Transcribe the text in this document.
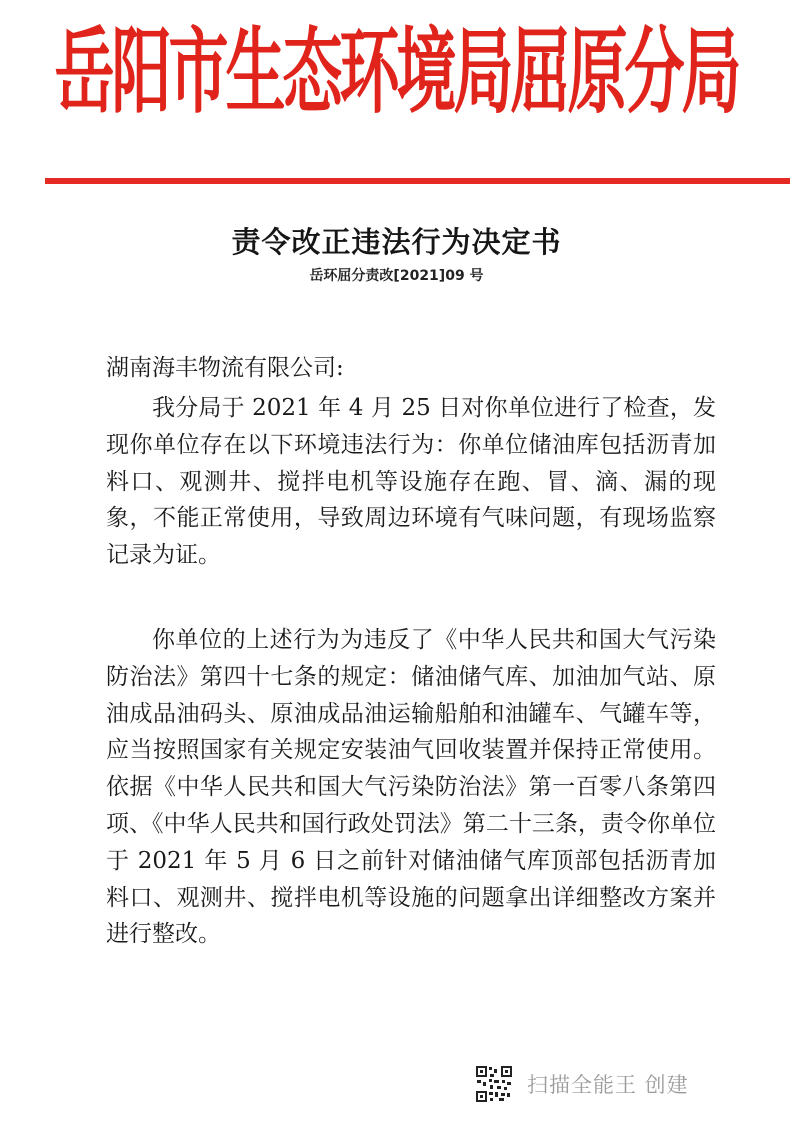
岳阳市生态环境局屈原分局
责令改正违法行为决定书
岳环屈分责改[2021]09 号
湖南海丰物流有限公司:
我分局于 2021 年 4 月 25 日对你单位进行了检查，发现你单位存在以下环境违法行为：你单位储油库包括沥青加料口、观测井、搅拌电机等设施存在跑、冒、滴、漏的现象，不能正常使用，导致周边环境有气味问题，有现场监察记录为证。
你单位的上述行为为违反了《中华人民共和国大气污染防治法》第四十七条的规定：储油储气库、加油加气站、原油成品油码头、原油成品油运输船舶和油罐车、气罐车等，应当按照国家有关规定安装油气回收装置并保持正常使用。依据《中华人民共和国大气污染防治法》第一百零八条第四项、《中华人民共和国行政处罚法》第二十三条，责令你单位于 2021 年 5 月 6 日之前针对储油储气库顶部包括沥青加料口、观测井、搅拌电机等设施的问题拿出详细整改方案并进行整改。
扫描全能王 创建
